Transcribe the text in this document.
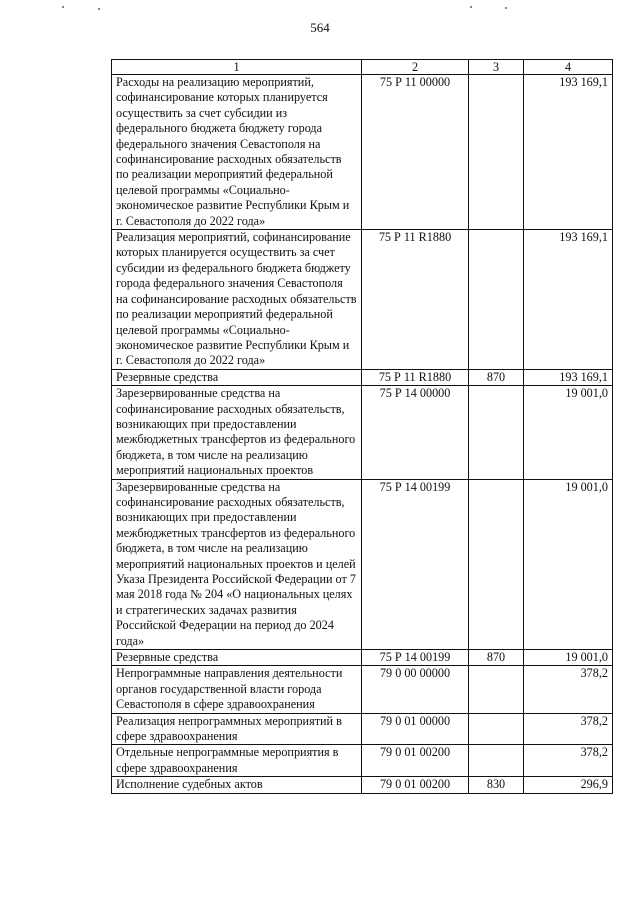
564
1	2	3	4
Расходы на реализацию мероприятий, софинансирование которых планируется осуществить за счет субсидии из федерального бюджета бюджету города федерального значения Севастополя на софинансирование расходных обязательств по реализации мероприятий федеральной целевой программы «Социально-экономическое развитие Республики Крым и г. Севастополя до 2022 года»	75 Р 11 00000		193 169,1
Реализация мероприятий, софинансирование которых планируется осуществить за счет субсидии из федерального бюджета бюджету города федерального значения Севастополя на софинансирование расходных обязательств по реализации мероприятий федеральной целевой программы «Социально-экономическое развитие Республики Крым и г. Севастополя до 2022 года»	75 Р 11 R1880		193 169,1
Резервные средства	75 Р 11 R1880	870	193 169,1
Зарезервированные средства на софинансирование расходных обязательств, возникающих при предоставлении межбюджетных трансфертов из федерального бюджета, в том числе на реализацию мероприятий национальных проектов	75 Р 14 00000		19 001,0
Зарезервированные средства на софинансирование расходных обязательств, возникающих при предоставлении межбюджетных трансфертов из федерального бюджета, в том числе на реализацию мероприятий национальных проектов и целей Указа Президента Российской Федерации от 7 мая 2018 года № 204 «О национальных целях и стратегических задачах развития Российской Федерации на период до 2024 года»	75 Р 14 00199		19 001,0
Резервные средства	75 Р 14 00199	870	19 001,0
Непрограммные направления деятельности органов государственной власти города Севастополя в сфере здравоохранения	79 0 00 00000		378,2
Реализация непрограммных мероприятий в сфере здравоохранения	79 0 01 00000		378,2
Отдельные непрограммные мероприятия в сфере здравоохранения	79 0 01 00200		378,2
Исполнение судебных актов	79 0 01 00200	830	296,9
